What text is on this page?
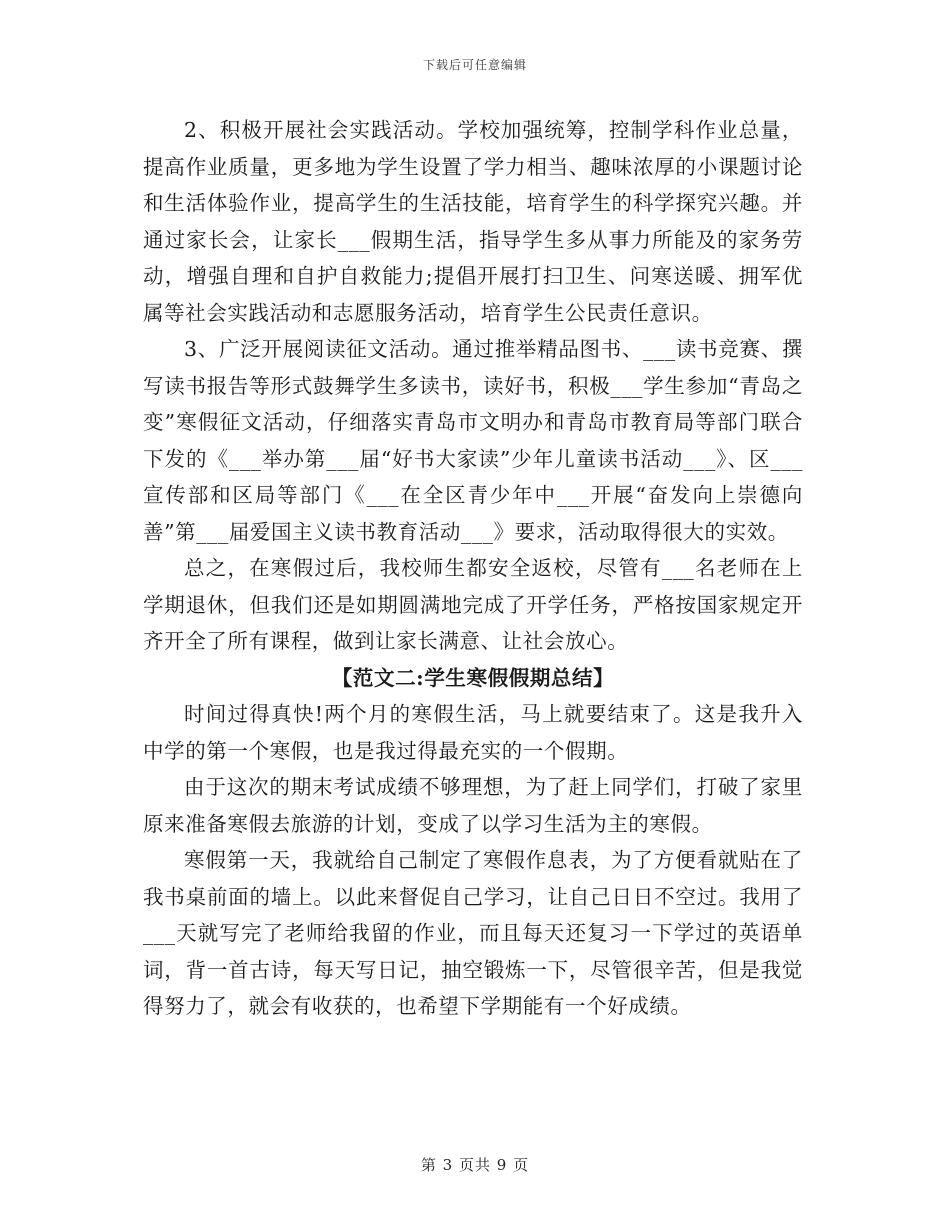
下载后可任意编辑

2、积极开展社会实践活动。学校加强统筹，控制学科作业总量，提高作业质量，更多地为学生设置了学力相当、趣味浓厚的小课题讨论和生活体验作业，提高学生的生活技能，培育学生的科学探究兴趣。并通过家长会，让家长___假期生活，指导学生多从事力所能及的家务劳动，增强自理和自护自救能力;提倡开展打扫卫生、问寒送暖、拥军优属等社会实践活动和志愿服务活动，培育学生公民责任意识。

3、广泛开展阅读征文活动。通过推举精品图书、___读书竞赛、撰写读书报告等形式鼓舞学生多读书，读好书，积极___学生参加“青岛之变”寒假征文活动，仔细落实青岛市文明办和青岛市教育局等部门联合下发的《___举办第___届“好书大家读”少年儿童读书活动___》、区___宣传部和区局等部门《___在全区青少年中___开展“奋发向上崇德向善”第___届爱国主义读书教育活动___》要求，活动取得很大的实效。

总之，在寒假过后，我校师生都安全返校，尽管有___名老师在上学期退休，但我们还是如期圆满地完成了开学任务，严格按国家规定开齐开全了所有课程，做到让家长满意、让社会放心。

【范文二:学生寒假假期总结】

时间过得真快!两个月的寒假生活，马上就要结束了。这是我升入中学的第一个寒假，也是我过得最充实的一个假期。

由于这次的期末考试成绩不够理想，为了赶上同学们，打破了家里原来准备寒假去旅游的计划，变成了以学习生活为主的寒假。

寒假第一天，我就给自己制定了寒假作息表，为了方便看就贴在了我书桌前面的墙上。以此来督促自己学习，让自己日日不空过。我用了___天就写完了老师给我留的作业，而且每天还复习一下学过的英语单词，背一首古诗，每天写日记，抽空锻炼一下，尽管很辛苦，但是我觉得努力了，就会有收获的，也希望下学期能有一个好成绩。

第 3 页共 9 页
